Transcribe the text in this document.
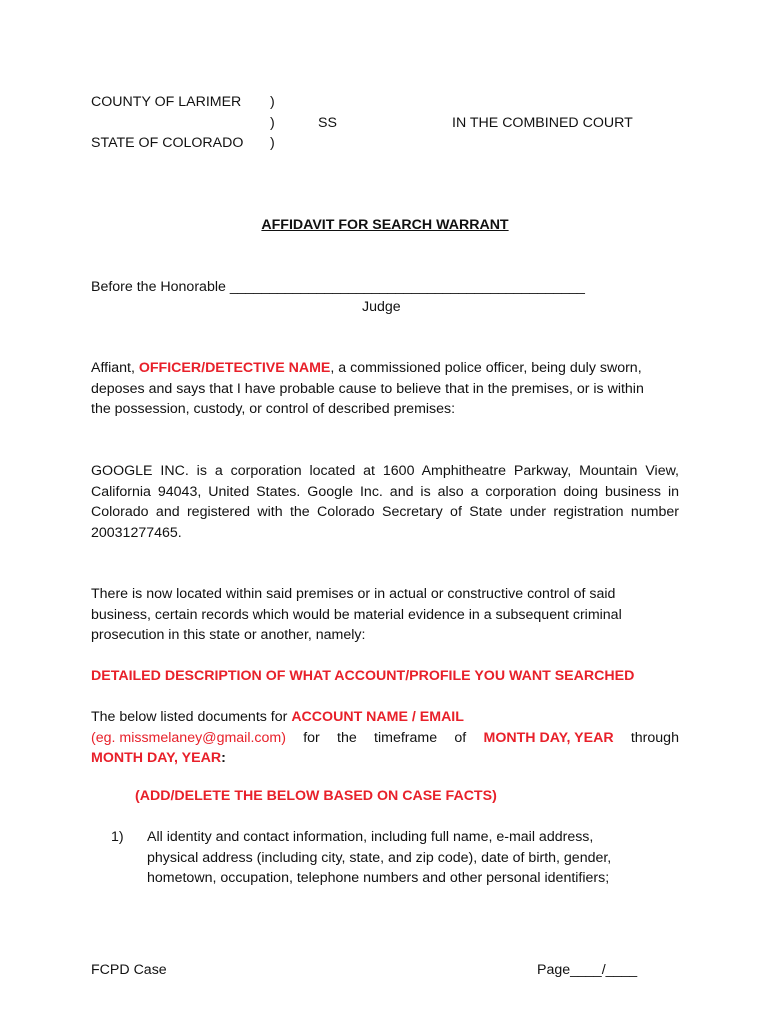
COUNTY OF LARIMER )
)	SS	IN THE COMBINED COURT
STATE OF COLORADO )
AFFIDAVIT FOR SEARCH WARRANT
Before the Honorable _____________________________________________
Judge
Affiant, OFFICER/DETECTIVE NAME, a commissioned police officer, being duly sworn,
deposes and says that I have probable cause to believe that in the premises, or is within
the possession, custody, or control of described premises:
GOOGLE INC. is a corporation located at 1600 Amphitheatre Parkway, Mountain View,
California 94043, United States. Google Inc. and is also a corporation doing business in
Colorado and registered with the Colorado Secretary of State under registration number
20031277465.
There is now located within said premises or in actual or constructive control of said
business, certain records which would be material evidence in a subsequent criminal
prosecution in this state or another, namely:
DETAILED DESCRIPTION OF WHAT ACCOUNT/PROFILE YOU WANT SEARCHED
The below listed documents for ACCOUNT NAME / EMAIL
(eg. missmelaney@gmail.com) for the timeframe of MONTH DAY, YEAR through
MONTH DAY, YEAR:
(ADD/DELETE THE BELOW BASED ON CASE FACTS)
1) All identity and contact information, including full name, e-mail address,
physical address (including city, state, and zip code), date of birth, gender,
hometown, occupation, telephone numbers and other personal identifiers;
FCPD Case	Page____/____
